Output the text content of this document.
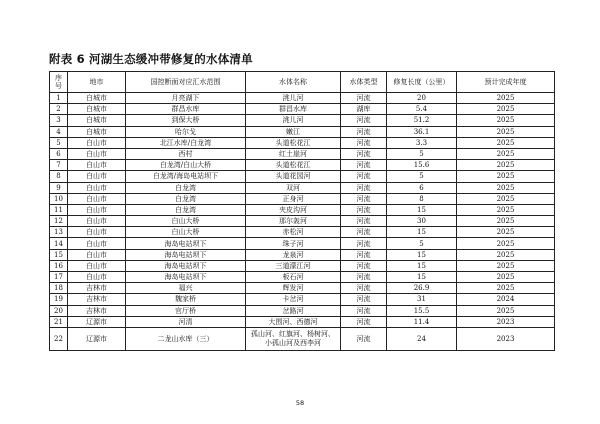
附表 6 河湖生态缓冲带修复的水体清单
序号	地市	国控断面对应汇水范围	水体名称	水体类型	修复长度（公里）	预计完成年度
1	白城市	月亮湖下	洮儿河	河流	20	2025
2	白城市	群昌水库	群昌水库	湖库	5.4	2025
3	白城市	到保大桥	洮儿河	河流	51.2	2025
4	白城市	哈尔戈	嫩江	河流	36.1	2025
5	白山市	北江水库/白龙湾	头道松花江	河流	3.3	2025
6	白山市	西村	红土崖河	河流	5	2025
7	白山市	白龙湾/白山大桥	头道松花江	河流	15.6	2025
8	白山市	白龙湾/海岛电站坝下	头道花园河	河流	5	2025
9	白山市	白龙湾	双河	河流	6	2025
10	白山市	白龙湾	正身河	河流	8	2025
11	白山市	白龙湾	夹皮沟河	河流	15	2025
12	白山市	白山大桥	那尔轰河	河流	30	2025
13	白山市	白山大桥	赤松河	河流	15	2025
14	白山市	海岛电站坝下	珠子河	河流	5	2025
15	白山市	海岛电站坝下	龙泉河	河流	15	2025
16	白山市	海岛电站坝下	三道濛江河	河流	15	2025
17	白山市	海岛电站坝下	板石河	河流	15	2025
18	吉林市	福兴	辉发河	河流	26.9	2025
19	吉林市	魏家桥	卡岔河	河流	31	2024
20	吉林市	官厅桥	岔路河	河流	15.5	2025
21	辽源市	河清	大围河、西德河	河流	11.4	2023
22	辽源市	二龙山水库（三）	孤山河、红旗河、杨树河、小孤山河及西李河	河流	24	2023
58
